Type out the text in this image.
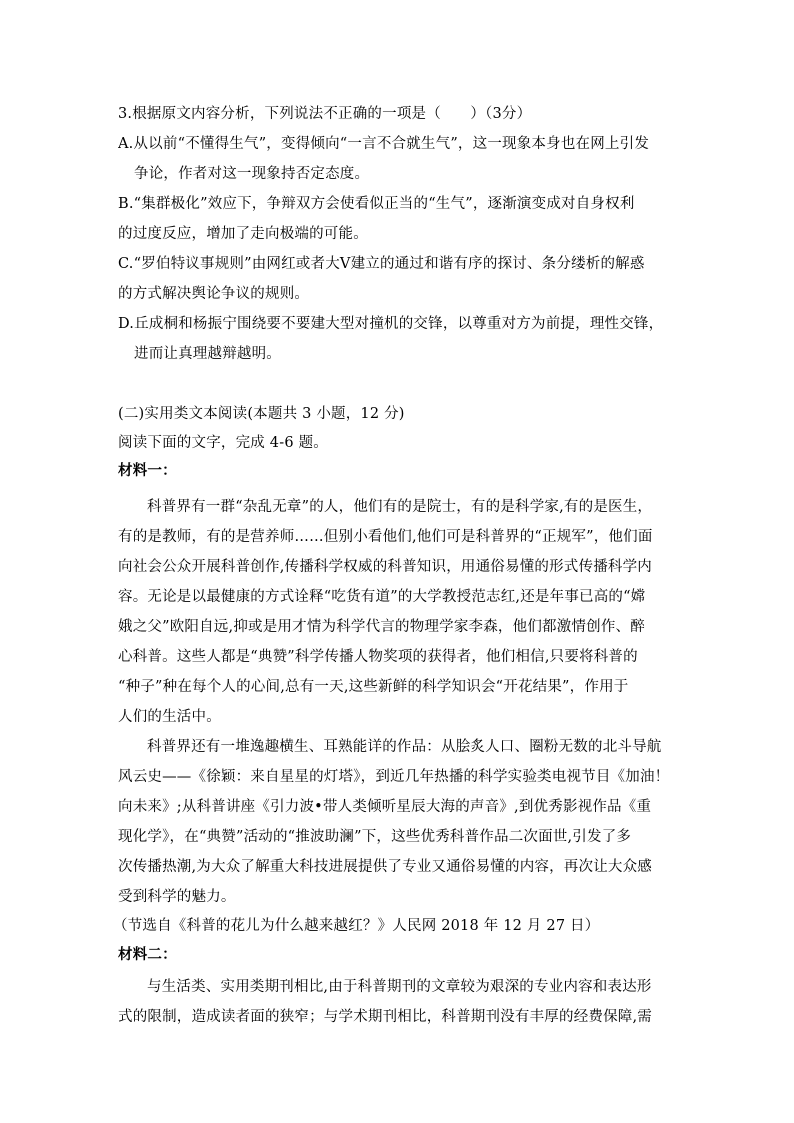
3.根据原文内容分析，下列说法不正确的一项是（　　）（3分）
A.从以前“不懂得生气”，变得倾向“一言不合就生气”，这一现象本身也在网上引发
争论，作者对这一现象持否定态度。
B.“集群极化”效应下，争辩双方会使看似正当的“生气”，逐渐演变成对自身权利
的过度反应，增加了走向极端的可能。
C.“罗伯特议事规则”由网红或者大V建立的通过和谐有序的探讨、条分缕析的解惑
的方式解决舆论争议的规则。
D.丘成桐和杨振宁围绕要不要建大型对撞机的交锋，以尊重对方为前提，理性交锋，
进而让真理越辩越明。
(二)实用类文本阅读(本题共 3 小题，12 分)
阅读下面的文字，完成 4-6 题。
材料一：
科普界有一群“杂乱无章”的人，他们有的是院士，有的是科学家,有的是医生，
有的是教师，有的是营养师……但别小看他们,他们可是科普界的“正规军”，他们面
向社会公众开展科普创作,传播科学权威的科普知识，用通俗易懂的形式传播科学内
容。无论是以最健康的方式诠释“吃货有道”的大学教授范志红,还是年事已高的“嫦
娥之父”欧阳自远,抑或是用才情为科学代言的物理学家李森，他们都激情创作、醉
心科普。这些人都是“典赞”科学传播人物奖项的获得者，他们相信,只要将科普的
“种子”种在每个人的心间,总有一天,这些新鲜的科学知识会“开花结果”，作用于
人们的生活中。
科普界还有一堆逸趣横生、耳熟能详的作品：从脍炙人口、圈粉无数的北斗导航
风云史——《徐颖：来自星星的灯塔》，到近几年热播的科学实验类电视节目《加油！
向未来》;从科普讲座《引力波•带人类倾听星辰大海的声音》,到优秀影视作品《重
现化学》，在“典赞”活动的“推波助澜”下，这些优秀科普作品二次面世,引发了多
次传播热潮,为大众了解重大科技进展提供了专业又通俗易懂的内容，再次让大众感
受到科学的魅力。
（节选自《科普的花儿为什么越来越红？》人民网 2018 年 12 月 27 日）
材料二：
与生活类、实用类期刊相比,由于科普期刊的文章较为艰深的专业内容和表达形
式的限制，造成读者面的狭窄；与学术期刊相比，科普期刊没有丰厚的经费保障,需
